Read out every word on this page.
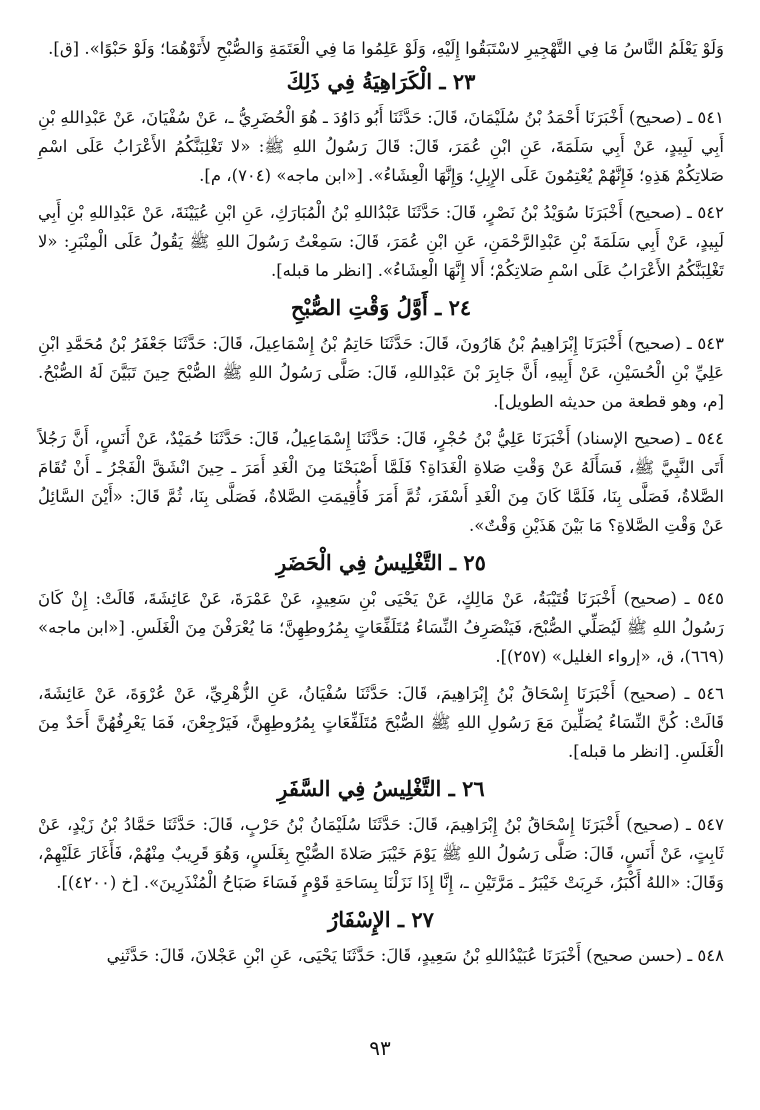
وَلَوْ يَعْلَمُ النَّاسُ مَا فِي التَّهْجِيرِ لاسْتَبَقُوا إِلَيْهِ، وَلَوْ عَلِمُوا مَا فِي الْعَتَمَةِ وَالصُّبْحِ لأَتَوْهُمَا؛ وَلَوْ حَبْوًا». [ق].

٢٣ ـ الْكَرَاهِيَةُ فِي ذَلِكَ

٥٤١ ـ (صحيح) أَخْبَرَنَا أَحْمَدُ بْنُ سُلَيْمَانَ، قَالَ: حَدَّثَنَا أَبُو دَاوُدَ ـ هُوَ الْحُضَرِيُّ ـ، عَنْ سُفْيَانَ، عَنْ عَبْدِاللهِ بْنِ أَبِي لَبِيدٍ، عَنْ أَبِي سَلَمَةَ، عَنِ ابْنِ عُمَرَ، قَالَ: قَالَ رَسُولُ اللهِ ﷺ: «لا تَغْلِبَنَّكُمُ الأَعْرَابُ عَلَى اسْمِ صَلاتِكُمْ هَذِهِ؛ فَإِنَّهُمْ يُعْتِمُونَ عَلَى الإِبِلِ؛ وَإِنَّهَا الْعِشَاءُ». [«ابن ماجه» (٧٠٤)، م].

٥٤٢ ـ (صحيح) أَخْبَرَنَا سُوَيْدُ بْنُ نَصْرٍ، قَالَ: حَدَّثَنَا عَبْدُاللهِ بْنُ الْمُبَارَكِ، عَنِ ابْنِ عُيَيْنَةَ، عَنْ عَبْدِاللهِ بْنِ أَبِي لَبِيدٍ، عَنْ أَبِي سَلَمَةَ بْنِ عَبْدِالرَّحْمَنِ، عَنِ ابْنِ عُمَرَ، قَالَ: سَمِعْتُ رَسُولَ اللهِ ﷺ يَقُولُ عَلَى الْمِنْبَرِ: «لا تَغْلِبَنَّكُمُ الأَعْرَابُ عَلَى اسْمِ صَلاتِكُمْ؛ أَلا إِنَّهَا الْعِشَاءُ». [انظر ما قبله].

٢٤ ـ أَوَّلُ وَقْتِ الصُّبْحِ

٥٤٣ ـ (صحيح) أَخْبَرَنَا إِبْرَاهِيمُ بْنُ هَارُونَ، قَالَ: حَدَّثَنَا حَاتِمُ بْنُ إِسْمَاعِيلَ، قَالَ: حَدَّثَنَا جَعْفَرُ بْنُ مُحَمَّدِ ابْنِ عَلِيِّ بْنِ الْحُسَيْنِ، عَنْ أَبِيهِ، أَنَّ جَابِرَ بْنَ عَبْدِاللهِ، قَالَ: صَلَّى رَسُولُ اللهِ ﷺ الصُّبْحَ حِينَ تَبَيَّنَ لَهُ الصُّبْحُ. [م، وهو قطعة من حديثه الطويل].

٥٤٤ ـ (صحيح الإسناد) أَخْبَرَنَا عَلِيُّ بْنُ حُجْرٍ، قَالَ: حَدَّثَنَا إِسْمَاعِيلُ، قَالَ: حَدَّثَنَا حُمَيْدٌ، عَنْ أَنَسٍ، أَنَّ رَجُلاً أَتَى النَّبِيَّ ﷺ، فَسَأَلَهُ عَنْ وَقْتِ صَلاةِ الْغَدَاةِ؟ فَلَمَّا أَصْبَحْنَا مِنَ الْغَدِ أَمَرَ ـ حِينَ انْشَقَّ الْفَجْرُ ـ أَنْ تُقَامَ الصَّلاةُ، فَصَلَّى بِنَا، فَلَمَّا كَانَ مِنَ الْغَدِ أَسْفَرَ، ثُمَّ أَمَرَ فَأُقِيمَتِ الصَّلاةُ، فَصَلَّى بِنَا، ثُمَّ قَالَ: «أَيْنَ السَّائِلُ عَنْ وَقْتِ الصَّلاةِ؟ مَا بَيْنَ هَذَيْنِ وَقْتٌ».

٢٥ ـ التَّغْلِيسُ فِي الْحَضَرِ

٥٤٥ ـ (صحيح) أَخْبَرَنَا قُتَيْبَةُ، عَنْ مَالِكٍ، عَنْ يَحْيَى بْنِ سَعِيدٍ، عَنْ عَمْرَةَ، عَنْ عَائِشَةَ، قَالَتْ: إِنْ كَانَ رَسُولُ اللهِ ﷺ لَيُصَلِّي الصُّبْحَ، فَيَنْصَرِفُ النِّسَاءُ مُتَلَفِّعَاتٍ بِمُرُوطِهِنَّ؛ مَا يُعْرَفْنَ مِنَ الْغَلَسِ. [«ابن ماجه» (٦٦٩)، ق، «إرواء الغليل» (٢٥٧)].

٥٤٦ ـ (صحيح) أَخْبَرَنَا إِسْحَاقُ بْنُ إِبْرَاهِيمَ، قَالَ: حَدَّثَنَا سُفْيَانُ، عَنِ الزُّهْرِيِّ، عَنْ عُرْوَةَ، عَنْ عَائِشَةَ، قَالَتْ: كُنَّ النِّسَاءُ يُصَلِّينَ مَعَ رَسُولِ اللهِ ﷺ الصُّبْحَ مُتَلَفِّعَاتٍ بِمُرُوطِهِنَّ، فَيَرْجِعْنَ، فَمَا يَعْرِفُهُنَّ أَحَدٌ مِنَ الْغَلَسِ. [انظر ما قبله].

٢٦ ـ التَّغْلِيسُ فِي السَّفَرِ

٥٤٧ ـ (صحيح) أَخْبَرَنَا إِسْحَاقُ بْنُ إِبْرَاهِيمَ، قَالَ: حَدَّثَنَا سُلَيْمَانُ بْنُ حَرْبٍ، قَالَ: حَدَّثَنَا حَمَّادُ بْنُ زَيْدٍ، عَنْ ثَابِتٍ، عَنْ أَنَسٍ، قَالَ: صَلَّى رَسُولُ اللهِ ﷺ يَوْمَ خَيْبَرَ صَلاةَ الصُّبْحِ بِغَلَسٍ، وَهُوَ قَرِيبٌ مِنْهُمْ، فَأَغَارَ عَلَيْهِمْ، وَقَالَ: «اللهُ أَكْبَرُ، خَرِبَتْ خَيْبَرُ ـ مَرَّتَيْنِ ـ، إِنَّا إِذَا نَزَلْنَا بِسَاحَةِ قَوْمٍ فَسَاءَ صَبَاحُ الْمُنْذَرِينَ». [خ (٤٢٠٠)].

٢٧ ـ الإِسْفَارُ

٥٤٨ ـ (حسن صحيح) أَخْبَرَنَا عُبَيْدُاللهِ بْنُ سَعِيدٍ، قَالَ: حَدَّثَنَا يَحْيَى، عَنِ ابْنِ عَجْلانَ، قَالَ: حَدَّثَنِي

٩٣
